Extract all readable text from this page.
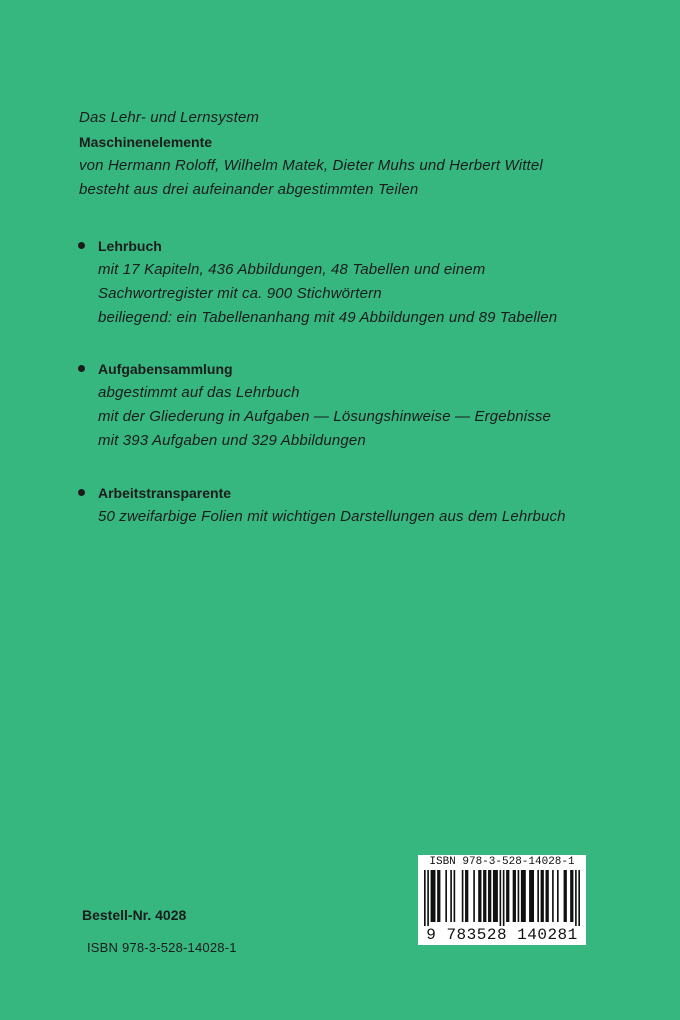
Das Lehr- und Lernsystem
Maschinenelemente
von Hermann Roloff, Wilhelm Matek, Dieter Muhs und Herbert Wittel
besteht aus drei aufeinander abgestimmten Teilen
Lehrbuch
mit 17 Kapiteln, 436 Abbildungen, 48 Tabellen und einem
Sachwortregister mit ca. 900 Stichwörtern
beiliegend: ein Tabellenanhang mit 49 Abbildungen und 89 Tabellen
Aufgabensammlung
abgestimmt auf das Lehrbuch
mit der Gliederung in Aufgaben — Lösungshinweise — Ergebnisse
mit 393 Aufgaben und 329 Abbildungen
Arbeitstransparente
50 zweifarbige Folien mit wichtigen Darstellungen aus dem Lehrbuch
Bestell-Nr. 4028
ISBN 978-3-528-14028-1
ISBN 978-3-528-14028-1
9 783528 140281
